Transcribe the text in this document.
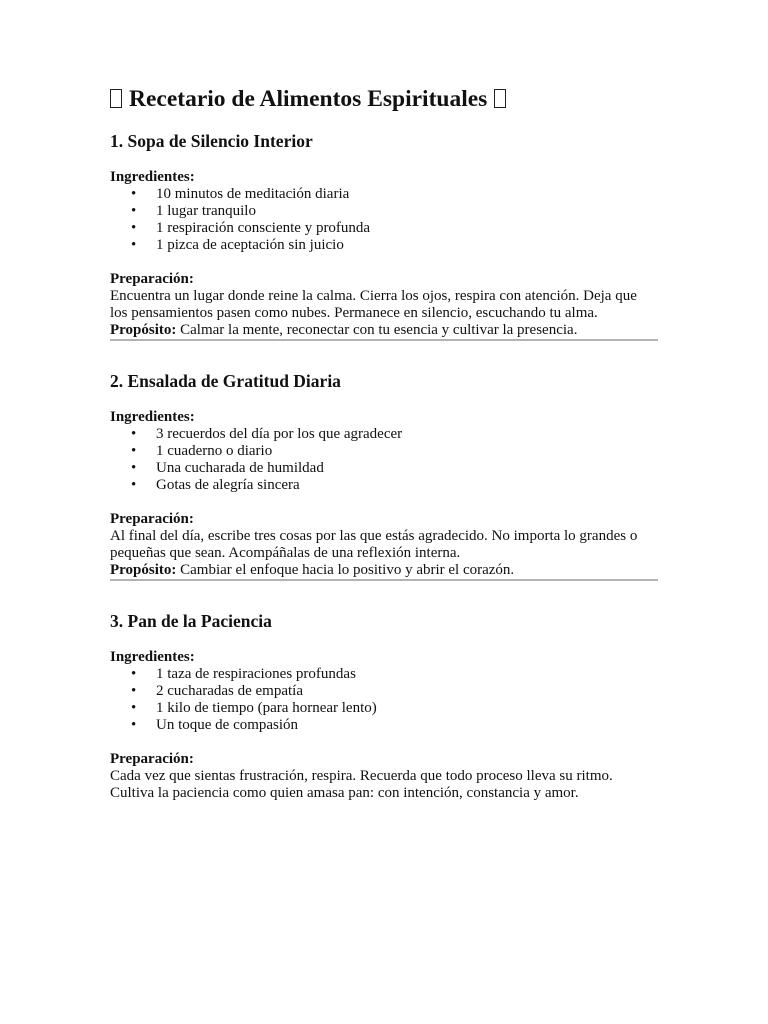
Recetario de Alimentos Espirituales
1. Sopa de Silencio Interior

Ingredientes:

• 10 minutos de meditación diaria
• 1 lugar tranquilo
• 1 respiración consciente y profunda
• 1 pizca de aceptación sin juicio

Preparación:

Encuentra un lugar donde reine la calma. Cierra los ojos, respira con atención. Deja que
los pensamientos pasen como nubes. Permanece en silencio, escuchando tu alma.

Propósito: Calmar la mente, reconectar con tu esencia y cultivar la presencia.

2. Ensalada de Gratitud Diaria

Ingredientes:

• 3 recuerdos del día por los que agradecer
• 1 cuaderno o diario
• Una cucharada de humildad
• Gotas de alegría sincera

Preparación:

Al final del día, escribe tres cosas por las que estás agradecido. No importa lo grandes o
pequeñas que sean. Acompáñalas de una reflexión interna.

Propósito: Cambiar el enfoque hacia lo positivo y abrir el corazón.

3. Pan de la Paciencia

Ingredientes:

• 1 taza de respiraciones profundas
• 2 cucharadas de empatía
• 1 kilo de tiempo (para hornear lento)
• Un toque de compasión

Preparación:

Cada vez que sientas frustración, respira. Recuerda que todo proceso lleva su ritmo.
Cultiva la paciencia como quien amasa pan: con intención, constancia y amor.
